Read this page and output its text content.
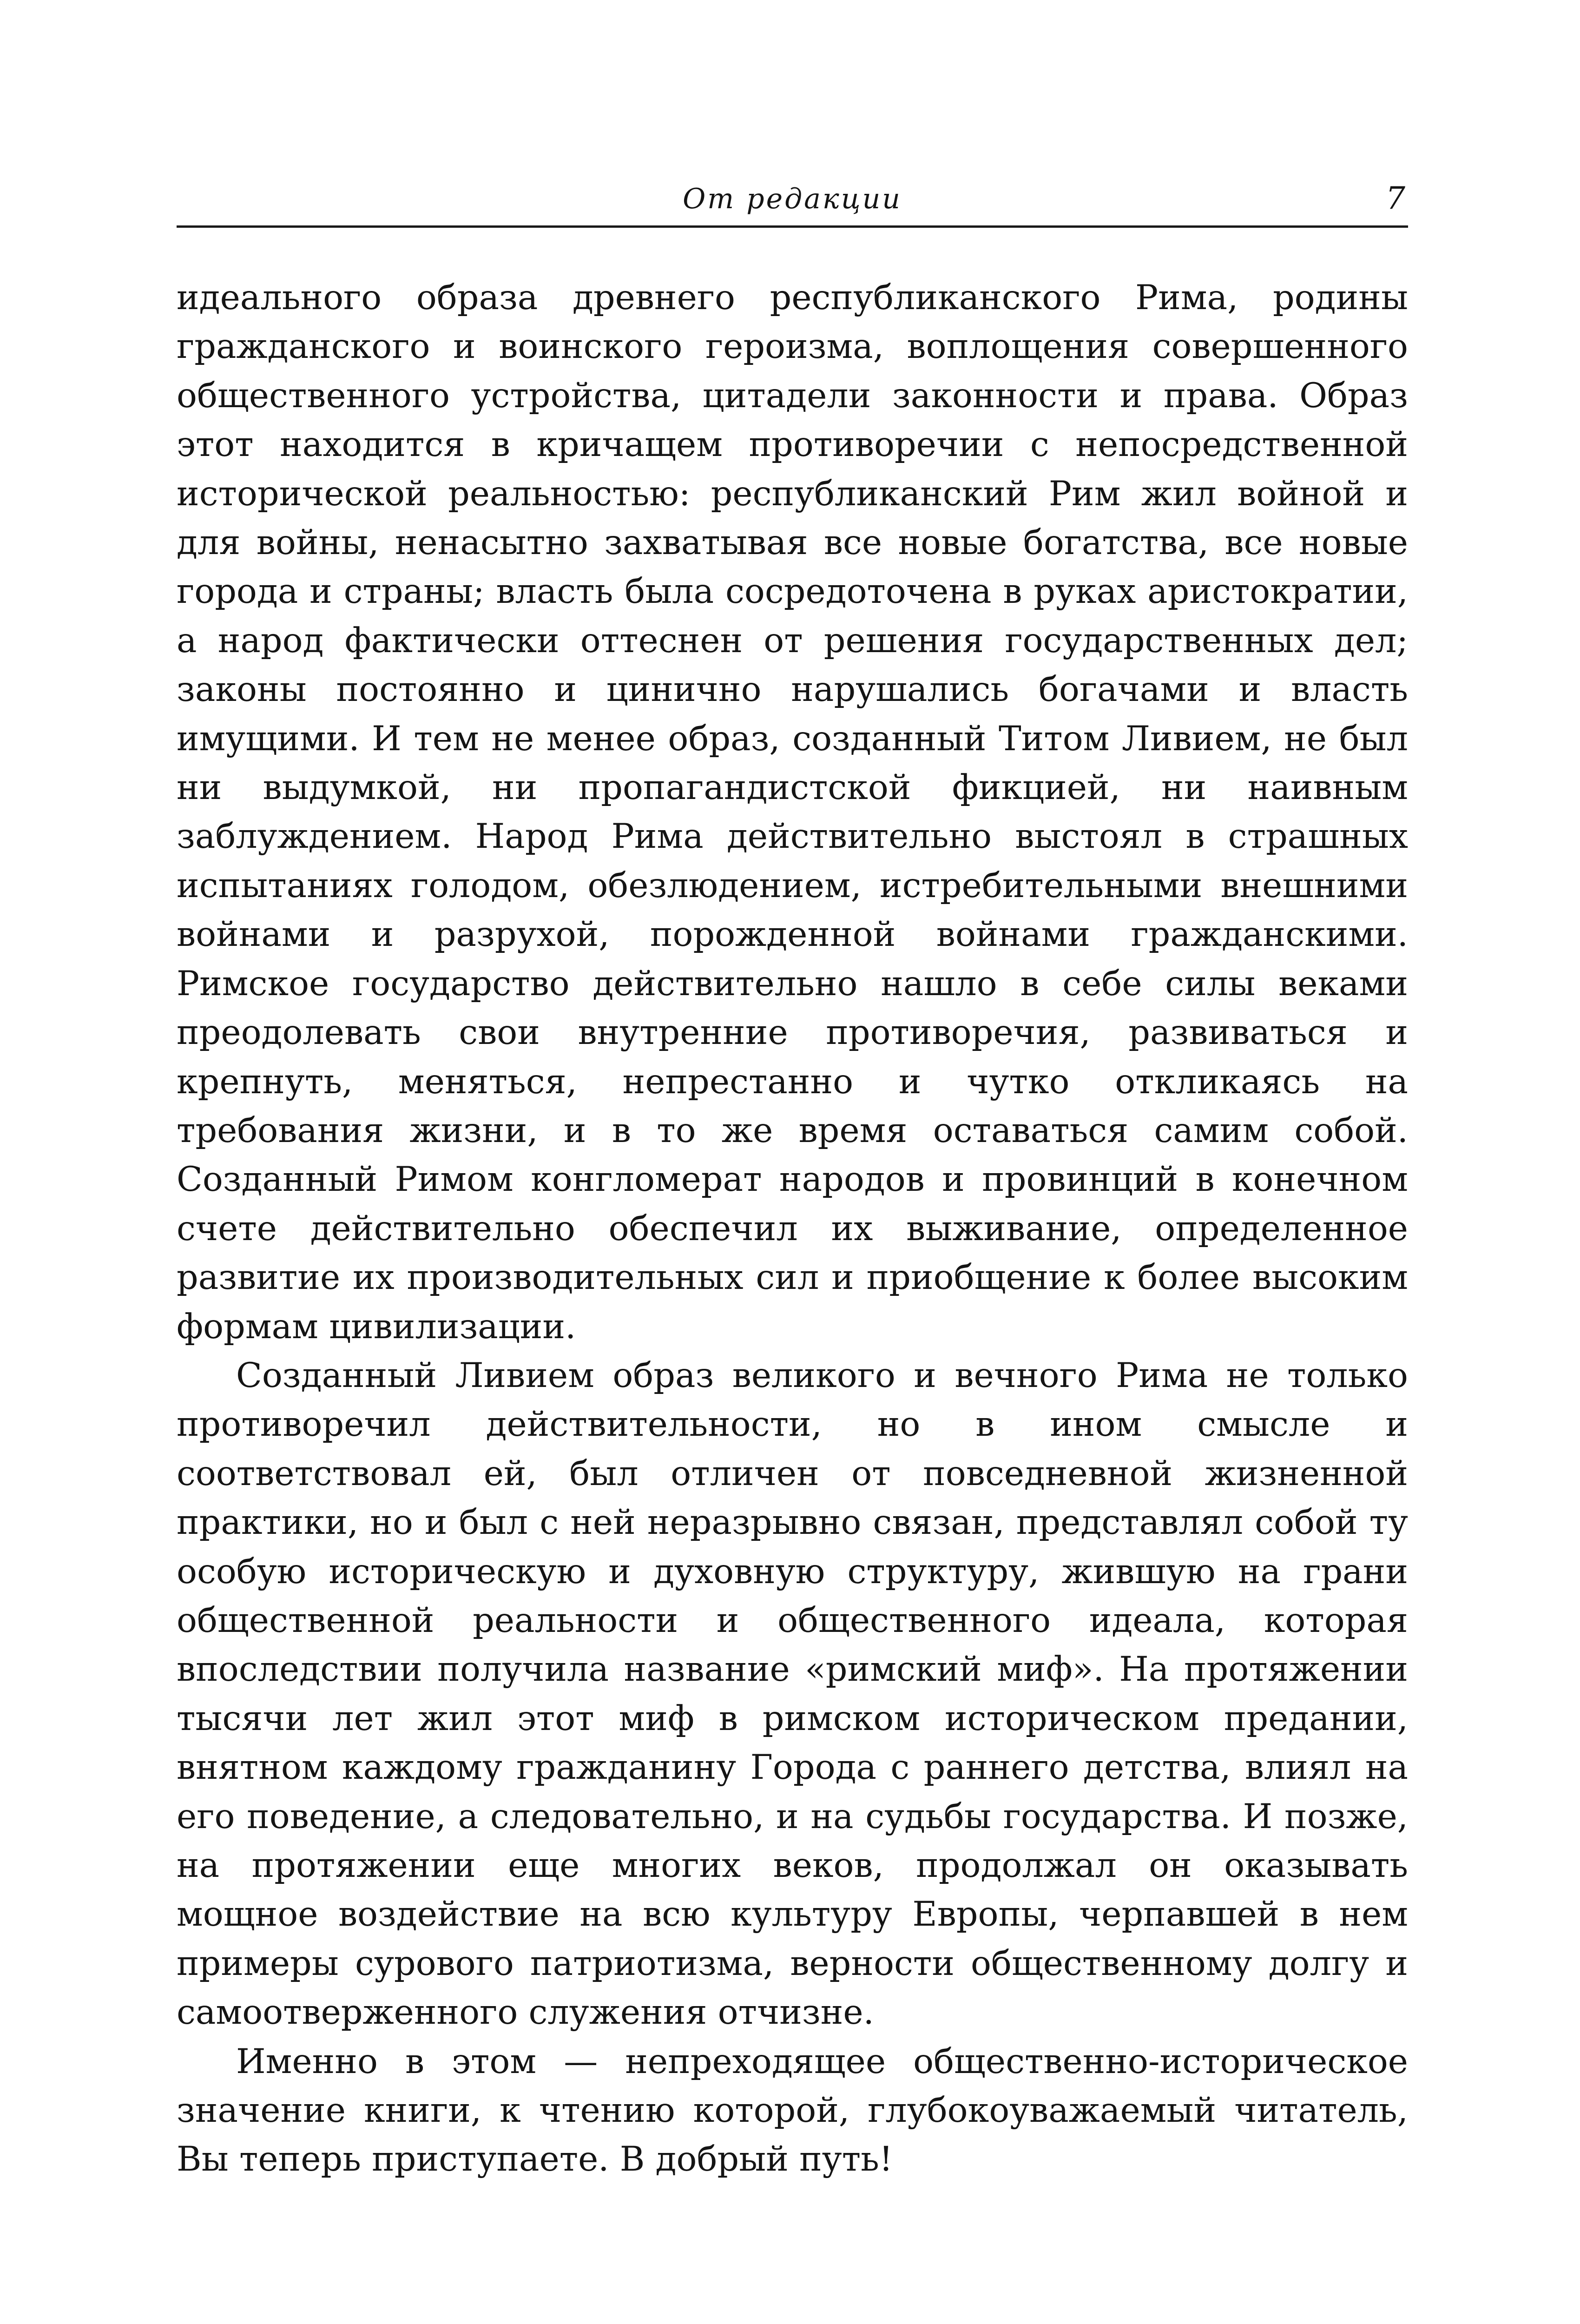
От редакции	7

идеального образа древнего республиканского Рима, родины гражданского и воинского героизма, воплощения совершенного общественного устройства, цитадели законности и права. Образ этот находится в кричащем противоречии с непосредственной исторической реальностью: республиканский Рим жил войной и для войны, ненасытно захватывая все новые богатства, все новые города и страны; власть была сосредоточена в руках аристократии, а народ фактически оттеснен от решения государственных дел; законы постоянно и цинично нарушались богачами и власть имущими. И тем не менее образ, созданный Титом Ливием, не был ни выдумкой, ни пропагандистской фикцией, ни наивным заблуждением. Народ Рима действительно выстоял в страшных испытаниях голодом, обезлюдением, истребительными внешними войнами и разрухой, порожденной войнами гражданскими. Римское государство действительно нашло в себе силы веками преодолевать свои внутренние противоречия, развиваться и крепнуть, меняться, непрестанно и чутко откликаясь на требования жизни, и в то же время оставаться самим собой. Созданный Римом конгломерат народов и провинций в конечном счете действительно обеспечил их выживание, определенное развитие их производительных сил и приобщение к более высоким формам цивилизации.

Созданный Ливием образ великого и вечного Рима не только противоречил действительности, но в ином смысле и соответствовал ей, был отличен от повседневной жизненной практики, но и был с ней неразрывно связан, представлял собой ту особую историческую и духовную структуру, жившую на грани общественной реальности и общественного идеала, которая впоследствии получила название «римский миф». На протяжении тысячи лет жил этот миф в римском историческом предании, внятном каждому гражданину Города с раннего детства, влиял на его поведение, а следовательно, и на судьбы государства. И позже, на протяжении еще многих веков, продолжал он оказывать мощное воздействие на всю культуру Европы, черпавшей в нем примеры сурового патриотизма, верности общественному долгу и самоотверженного служения отчизне.

Именно в этом — непреходящее общественно-историческое значение книги, к чтению которой, глубокоуважаемый читатель, Вы теперь приступаете. В добрый путь!
